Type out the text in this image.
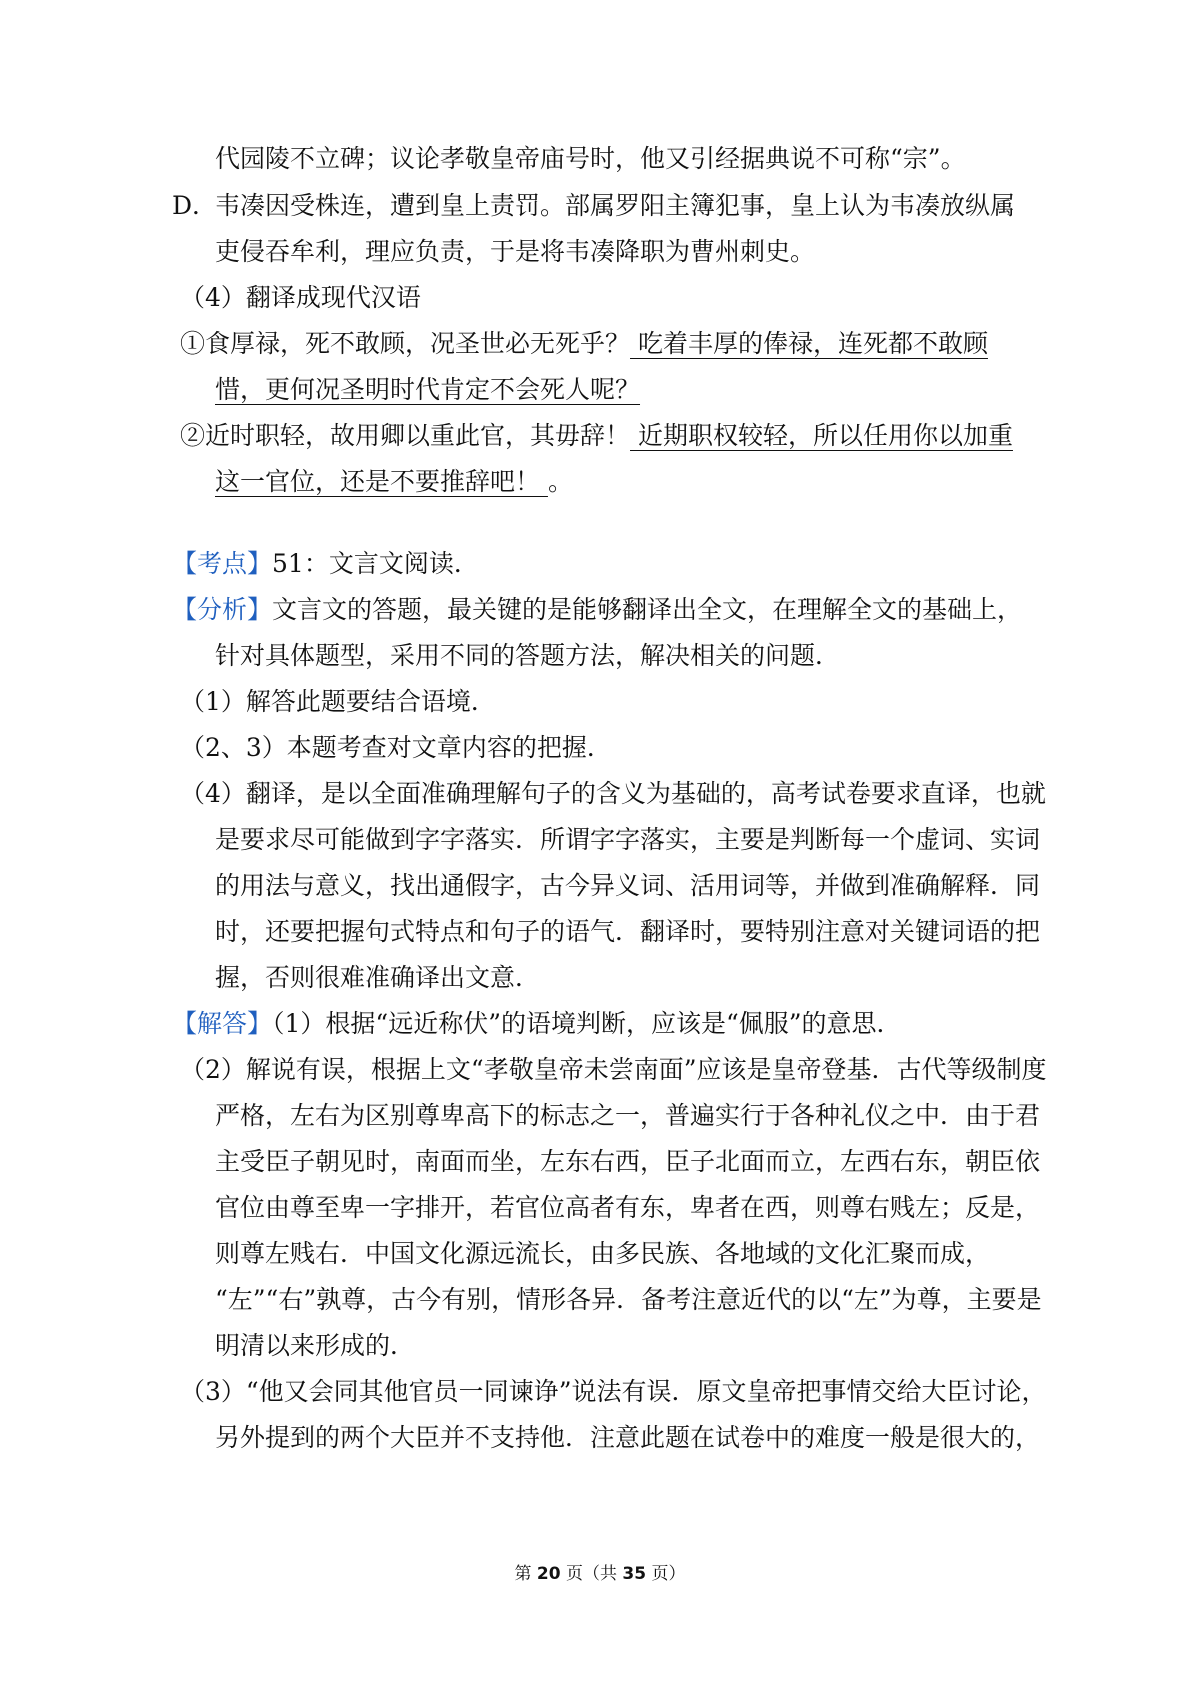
代园陵不立碑；议论孝敬皇帝庙号时，他又引经据典说不可称“宗”。
D．
韦凑因受株连，遭到皇上责罚。部属罗阳主簿犯事，皇上认为韦凑放纵属
吏侵吞牟利，理应负责，于是将韦凑降职为曹州刺史。
（4）翻译成现代汉语
①食厚禄，死不敢顾，况圣世必无死乎？ 吃着丰厚的俸禄，连死都不敢顾
惜，更何况圣明时代肯定不会死人呢？
②近时职轻，故用卿以重此官，其毋辞！ 近期职权较轻，所以任用你以加重
这一官位，还是不要推辞吧！ 。
【考点】51：文言文阅读．
【分析】文言文的答题，最关键的是能够翻译出全文，在理解全文的基础上，
针对具体题型，采用不同的答题方法，解决相关的问题．
（1）解答此题要结合语境．
（2、3）本题考查对文章内容的把握．
（4）翻译，是以全面准确理解句子的含义为基础的，高考试卷要求直译，也就
是要求尽可能做到字字落实．所谓字字落实，主要是判断每一个虚词、实词
的用法与意义，找出通假字，古今异义词、活用词等，并做到准确解释．同
时，还要把握句式特点和句子的语气．翻译时，要特别注意对关键词语的把
握，否则很难准确译出文意．
【解答】（1）根据“远近称伏”的语境判断，应该是“佩服”的意思．
（2）解说有误，根据上文“孝敬皇帝未尝南面”应该是皇帝登基．古代等级制度
严格，左右为区别尊卑高下的标志之一，普遍实行于各种礼仪之中．由于君
主受臣子朝见时，南面而坐，左东右西，臣子北面而立，左西右东，朝臣依
官位由尊至卑一字排开，若官位高者有东，卑者在西，则尊右贱左；反是，
则尊左贱右．中国文化源远流长，由多民族、各地域的文化汇聚而成，
“左”“右”孰尊，古今有别，情形各异．备考注意近代的以“左”为尊，主要是
明清以来形成的．
（3）“他又会同其他官员一同谏诤”说法有误．原文皇帝把事情交给大臣讨论，
另外提到的两个大臣并不支持他．注意此题在试卷中的难度一般是很大的，
第 20 页（共 35 页）
